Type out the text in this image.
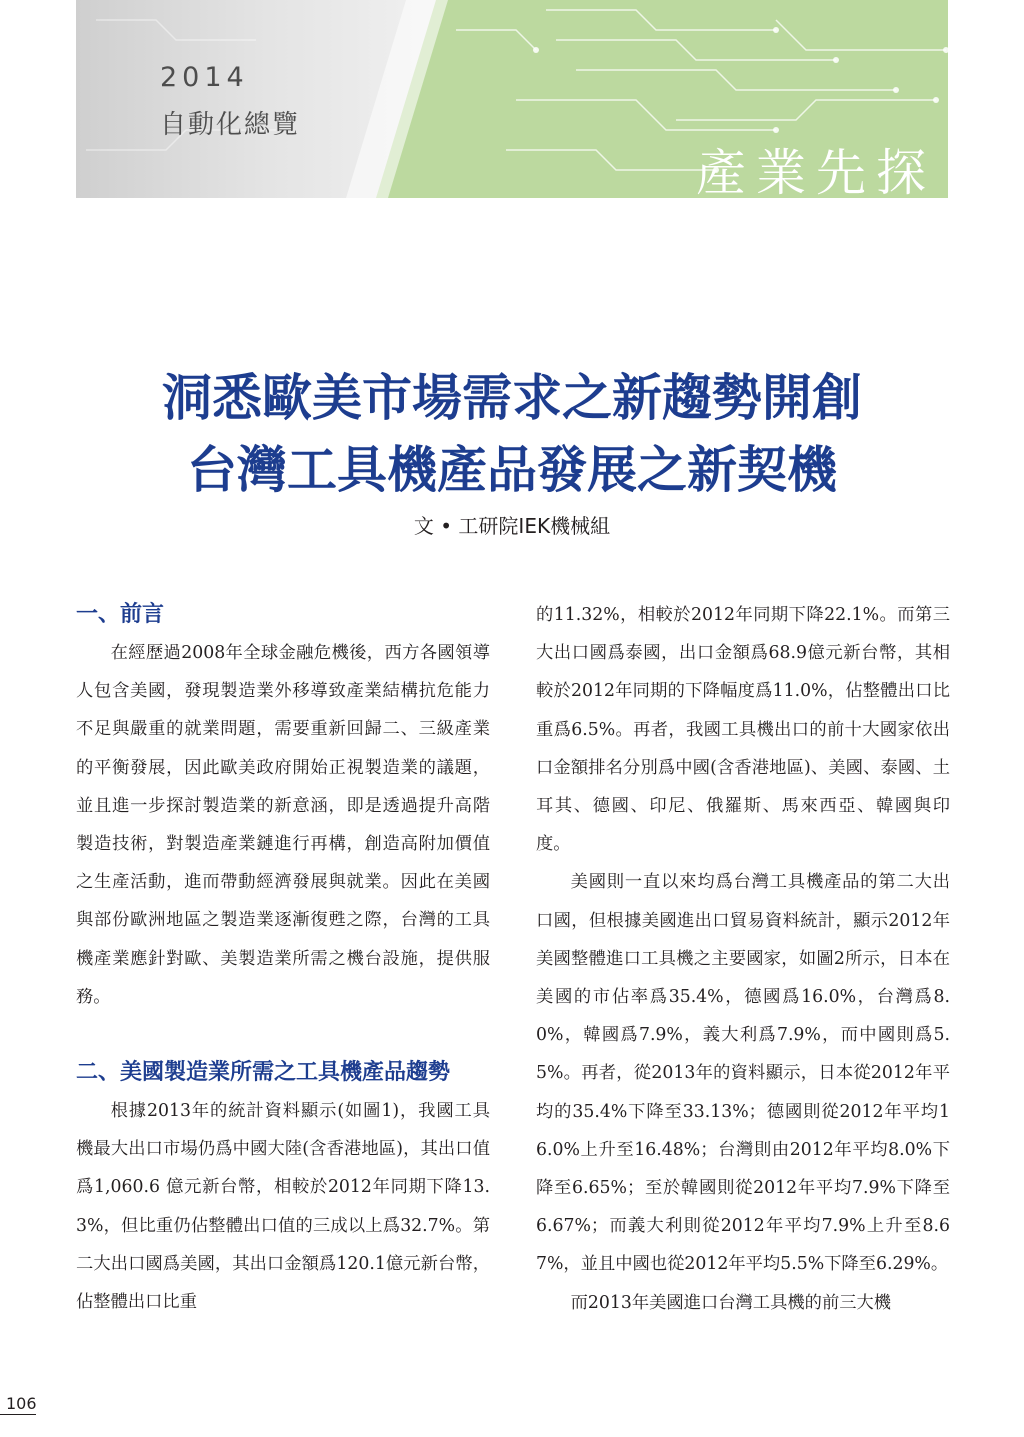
2014
自動化總覽
產業先探
洞悉歐美市場需求之新趨勢開創
台灣工具機產品發展之新契機
文 • 工研院IEK機械組
一、前言

在經歷過2008年全球金融危機後，西方各國領導人包含美國，發現製造業外移導致產業結構抗危能力不足與嚴重的就業問題，需要重新回歸二、三級產業的平衡發展，因此歐美政府開始正視製造業的議題，並且進一步探討製造業的新意涵，即是透過提升高階製造技術，對製造產業鏈進行再構，創造高附加價值之生產活動，進而帶動經濟發展與就業。因此在美國與部份歐洲地區之製造業逐漸復甦之際，台灣的工具機產業應針對歐、美製造業所需之機台設施，提供服務。

二、美國製造業所需之工具機產品趨勢

根據2013年的統計資料顯示(如圖1)，我國工具機最大出口市場仍爲中國大陸(含香港地區)，其出口值爲1,060.6 億元新台幣，相較於2012年同期下降13.3%，但比重仍佔整體出口值的三成以上爲32.7%。第二大出口國爲美國，其出口金額爲120.1億元新台幣，佔整體出口比重

的11.32%，相較於2012年同期下降22.1%。而第三大出口國爲泰國，出口金額爲68.9億元新台幣，其相較於2012年同期的下降幅度爲11.0%，佔整體出口比重爲6.5%。再者，我國工具機出口的前十大國家依出口金額排名分別爲中國(含香港地區)、美國、泰國、土耳其、德國、印尼、俄羅斯、馬來西亞、韓國與印度。

美國則一直以來均爲台灣工具機產品的第二大出口國，但根據美國進出口貿易資料統計，顯示2012年美國整體進口工具機之主要國家，如圖2所示，日本在美國的市佔率爲35.4%，德國爲16.0%，台灣爲8.0%，韓國爲7.9%，義大利爲7.9%，而中國則爲5.5%。再者，從2013年的資料顯示，日本從2012年平均的35.4%下降至33.13%；德國則從2012年平均16.0%上升至16.48%；台灣則由2012年平均8.0%下降至6.65%；至於韓國則從2012年平均7.9%下降至6.67%；而義大利則從2012年平均7.9%上升至8.67%，並且中國也從2012年平均5.5%下降至6.29%。

而2013年美國進口台灣工具機的前三大機

106
